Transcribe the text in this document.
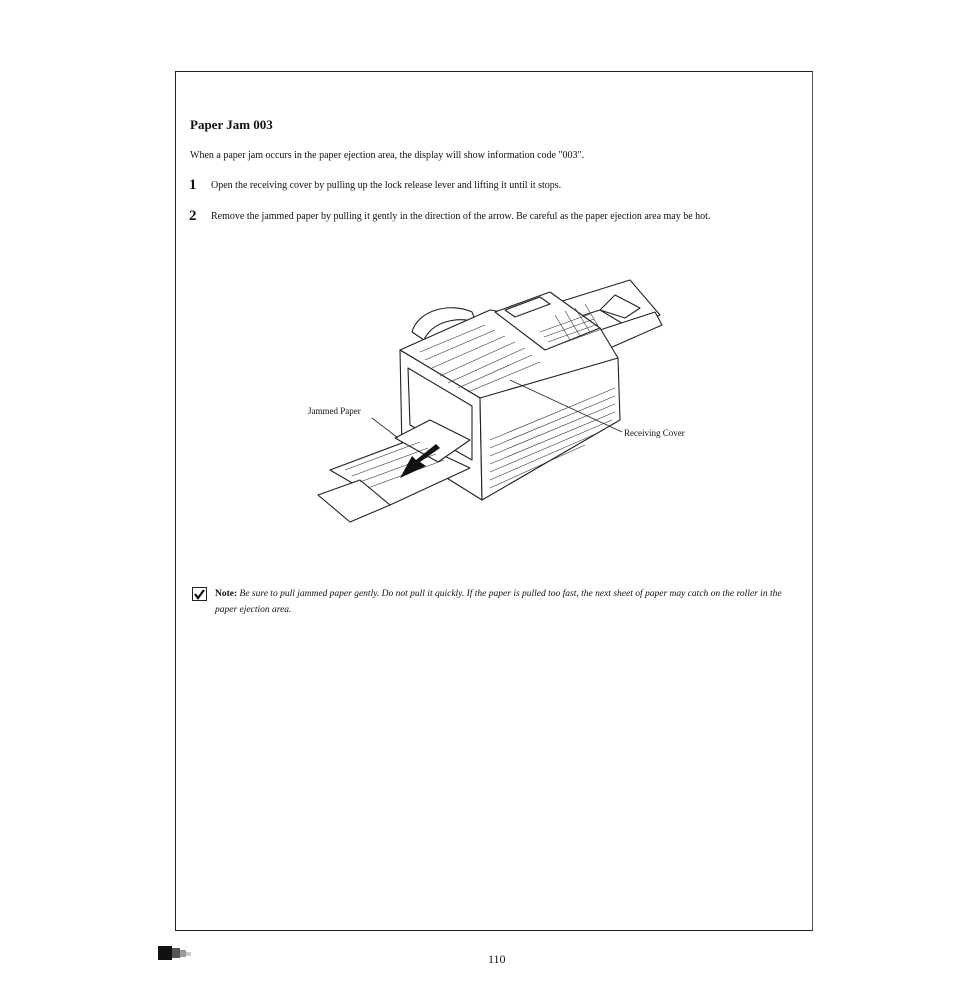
Paper Jam 003

When a paper jam occurs in the paper ejection area, the display will show information code "003".

1 Open the receiving cover by pulling up the lock release lever and lifting it until it stops.
2 Remove the jammed paper by pulling it gently in the direction of the arrow. Be careful as the paper ejection area may be hot.
Jammed Paper
Receiving Cover
Note: Be sure to pull jammed paper gently. Do not pull it quickly. If the paper is pulled too fast, the next sheet of paper may catch on the roller in the paper ejection area.
110
